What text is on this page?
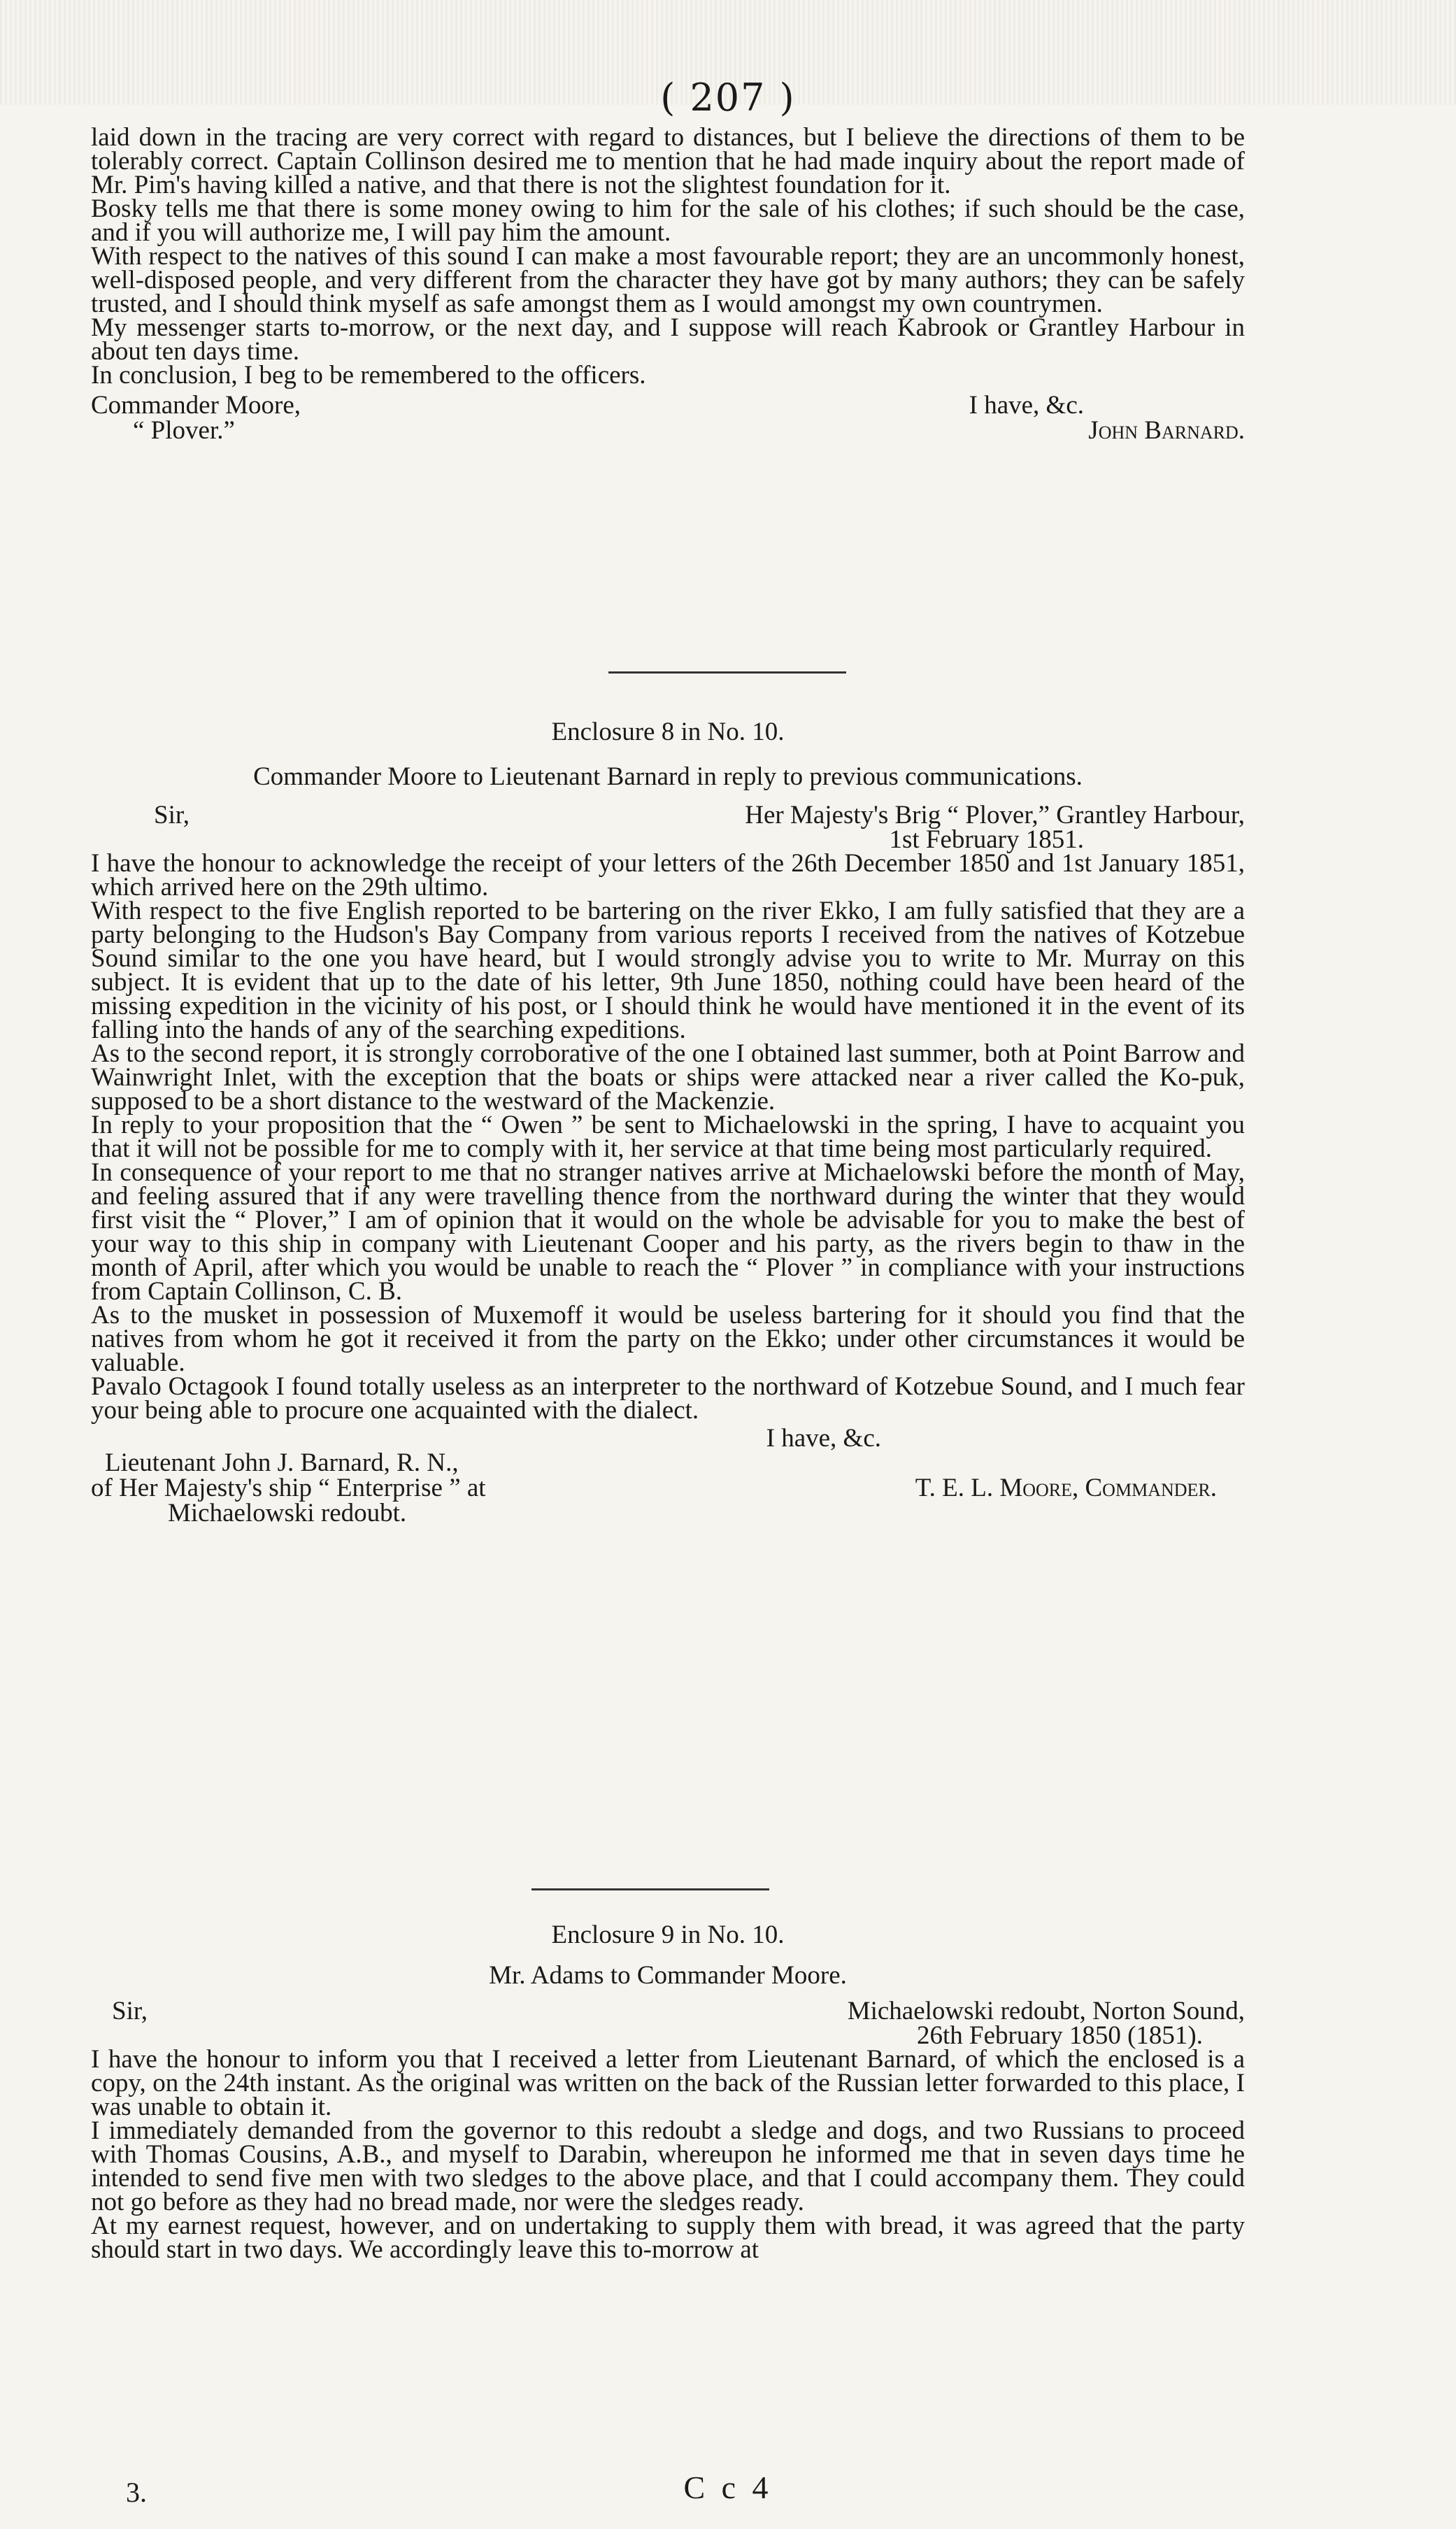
( 207 )

laid down in the tracing are very correct with regard to distances, but I believe the directions of them to be tolerably correct. Captain Collinson desired me to mention that he had made inquiry about the report made of Mr. Pim's having killed a native, and that there is not the slightest foundation for it.

Bosky tells me that there is some money owing to him for the sale of his clothes; if such should be the case, and if you will authorize me, I will pay him the amount.

With respect to the natives of this sound I can make a most favourable report; they are an uncommonly honest, well-disposed people, and very different from the character they have got by many authors; they can be safely trusted, and I should think myself as safe amongst them as I would amongst my own countrymen.

My messenger starts to-morrow, or the next day, and I suppose will reach Kabrook or Grantley Harbour in about ten days time.

In conclusion, I beg to be remembered to the officers.

Commander Moore,	I have, &c.
“ Plover.”	John Barnard.

Enclosure 8 in No. 10.

Commander Moore to Lieutenant Barnard in reply to previous communications.

Sir,	Her Majesty's Brig “ Plover,” Grantley Harbour,

1st February 1851.

I have the honour to acknowledge the receipt of your letters of the 26th December 1850 and 1st January 1851, which arrived here on the 29th ultimo.

With respect to the five English reported to be bartering on the river Ekko, I am fully satisfied that they are a party belonging to the Hudson's Bay Company from various reports I received from the natives of Kotzebue Sound similar to the one you have heard, but I would strongly advise you to write to Mr. Murray on this subject. It is evident that up to the date of his letter, 9th June 1850, nothing could have been heard of the missing expedition in the vicinity of his post, or I should think he would have mentioned it in the event of its falling into the hands of any of the searching expeditions.

As to the second report, it is strongly corroborative of the one I obtained last summer, both at Point Barrow and Wainwright Inlet, with the exception that the boats or ships were attacked near a river called the Ko-puk, supposed to be a short distance to the westward of the Mackenzie.

In reply to your proposition that the “ Owen ” be sent to Michaelowski in the spring, I have to acquaint you that it will not be possible for me to comply with it, her service at that time being most particularly required.

In consequence of your report to me that no stranger natives arrive at Michaelowski before the month of May, and feeling assured that if any were travelling thence from the northward during the winter that they would first visit the “ Plover,” I am of opinion that it would on the whole be advisable for you to make the best of your way to this ship in company with Lieutenant Cooper and his party, as the rivers begin to thaw in the month of April, after which you would be unable to reach the “ Plover ” in compliance with your instructions from Captain Collinson, C. B.

As to the musket in possession of Muxemoff it would be useless bartering for it should you find that the natives from whom he got it received it from the party on the Ekko; under other circumstances it would be valuable.

Pavalo Octagook I found totally useless as an interpreter to the northward of Kotzebue Sound, and I much fear your being able to procure one acquainted with the dialect.

I have, &c.

Lieutenant John J. Barnard, R. N.,
of Her Majesty's ship “ Enterprise ” at	T. E. L. Moore, Commander.
Michaelowski redoubt.

Enclosure 9 in No. 10.

Mr. Adams to Commander Moore.

Sir,	Michaelowski redoubt, Norton Sound,

26th February 1850 (1851).

I have the honour to inform you that I received a letter from Lieutenant Barnard, of which the enclosed is a copy, on the 24th instant. As the original was written on the back of the Russian letter forwarded to this place, I was unable to obtain it.

I immediately demanded from the governor to this redoubt a sledge and dogs, and two Russians to proceed with Thomas Cousins, A.B., and myself to Darabin, whereupon he informed me that in seven days time he intended to send five men with two sledges to the above place, and that I could accompany them. They could not go before as they had no bread made, nor were the sledges ready.

At my earnest request, however, and on undertaking to supply them with bread, it was agreed that the party should start in two days. We accordingly leave this to-morrow at

3.	C c 4
